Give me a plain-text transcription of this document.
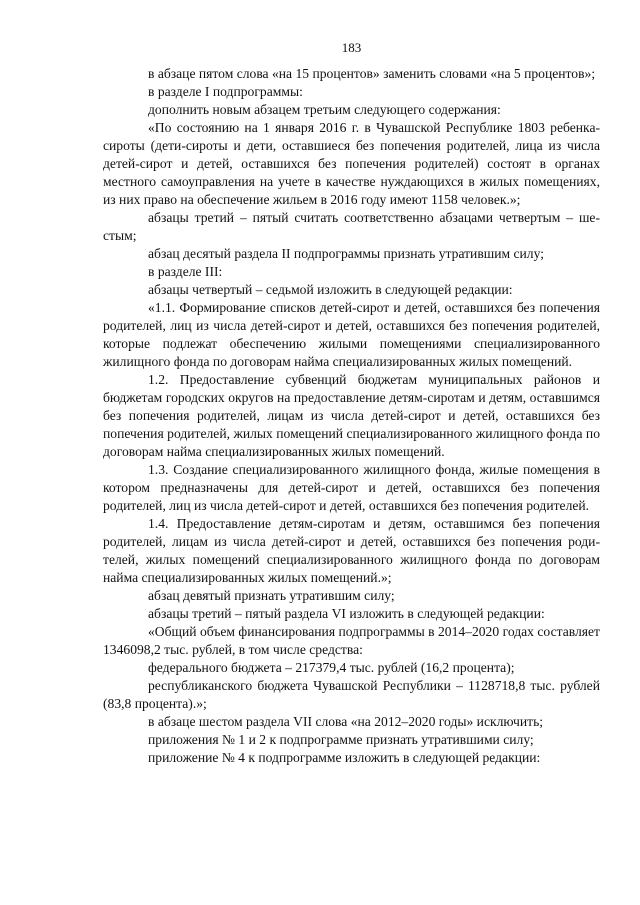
183

в абзаце пятом слова «на 15 процентов» заменить словами «на 5 процентов»;

в разделе I подпрограммы:

дополнить новым абзацем третьим следующего содержания:

«По состоянию на 1 января 2016 г. в Чувашской Республике 1803 ребенка-сироты (дети-сироты и дети, оставшиеся без попечения родителей, лица из числа детей-сирот и детей, оставшихся без попечения родителей) состоят в органах местного самоуправления на учете в качестве нуждающихся в жилых помещениях, из них право на обеспечение жильем в 2016 году имеют 1158 человек.»;

абзацы третий – пятый считать соответственно абзацами четвертым – шестым;

абзац десятый раздела II подпрограммы признать утратившим силу;

в разделе III:

абзацы четвертый – седьмой изложить в следующей редакции:

«1.1. Формирование списков детей-сирот и детей, оставшихся без попечения родителей, лиц из числа детей-сирот и детей, оставшихся без попечения родителей, которые подлежат обеспечению жилыми помещениями специализированного жилищного фонда по договорам найма специализированных жилых помещений.

1.2. Предоставление субвенций бюджетам муниципальных районов и бюджетам городских округов на предоставление детям-сиротам и детям, оставшимся без попечения родителей, лицам из числа детей-сирот и детей, оставшихся без попечения родителей, жилых помещений специализированного жилищного фонда по договорам найма специализированных жилых помещений.

1.3. Создание специализированного жилищного фонда, жилые помещения в котором предназначены для детей-сирот и детей, оставшихся без попечения родителей, лиц из числа детей-сирот и детей, оставшихся без попечения родителей.

1.4. Предоставление детям-сиротам и детям, оставшимся без попечения родителей, лицам из числа детей-сирот и детей, оставшихся без попечения родителей, жилых помещений специализированного жилищного фонда по договорам найма специализированных жилых помещений.»;

абзац девятый признать утратившим силу;

абзацы третий – пятый раздела VI изложить в следующей редакции:

«Общий объем финансирования подпрограммы в 2014–2020 годах составляет 1346098,2 тыс. рублей, в том числе средства:

федерального бюджета – 217379,4 тыс. рублей (16,2 процента);

республиканского бюджета Чувашской Республики – 1128718,8 тыс. рублей (83,8 процента).»;

в абзаце шестом раздела VII слова «на 2012–2020 годы» исключить;

приложения № 1 и 2 к подпрограмме признать утратившими силу;

приложение № 4 к подпрограмме изложить в следующей редакции:
